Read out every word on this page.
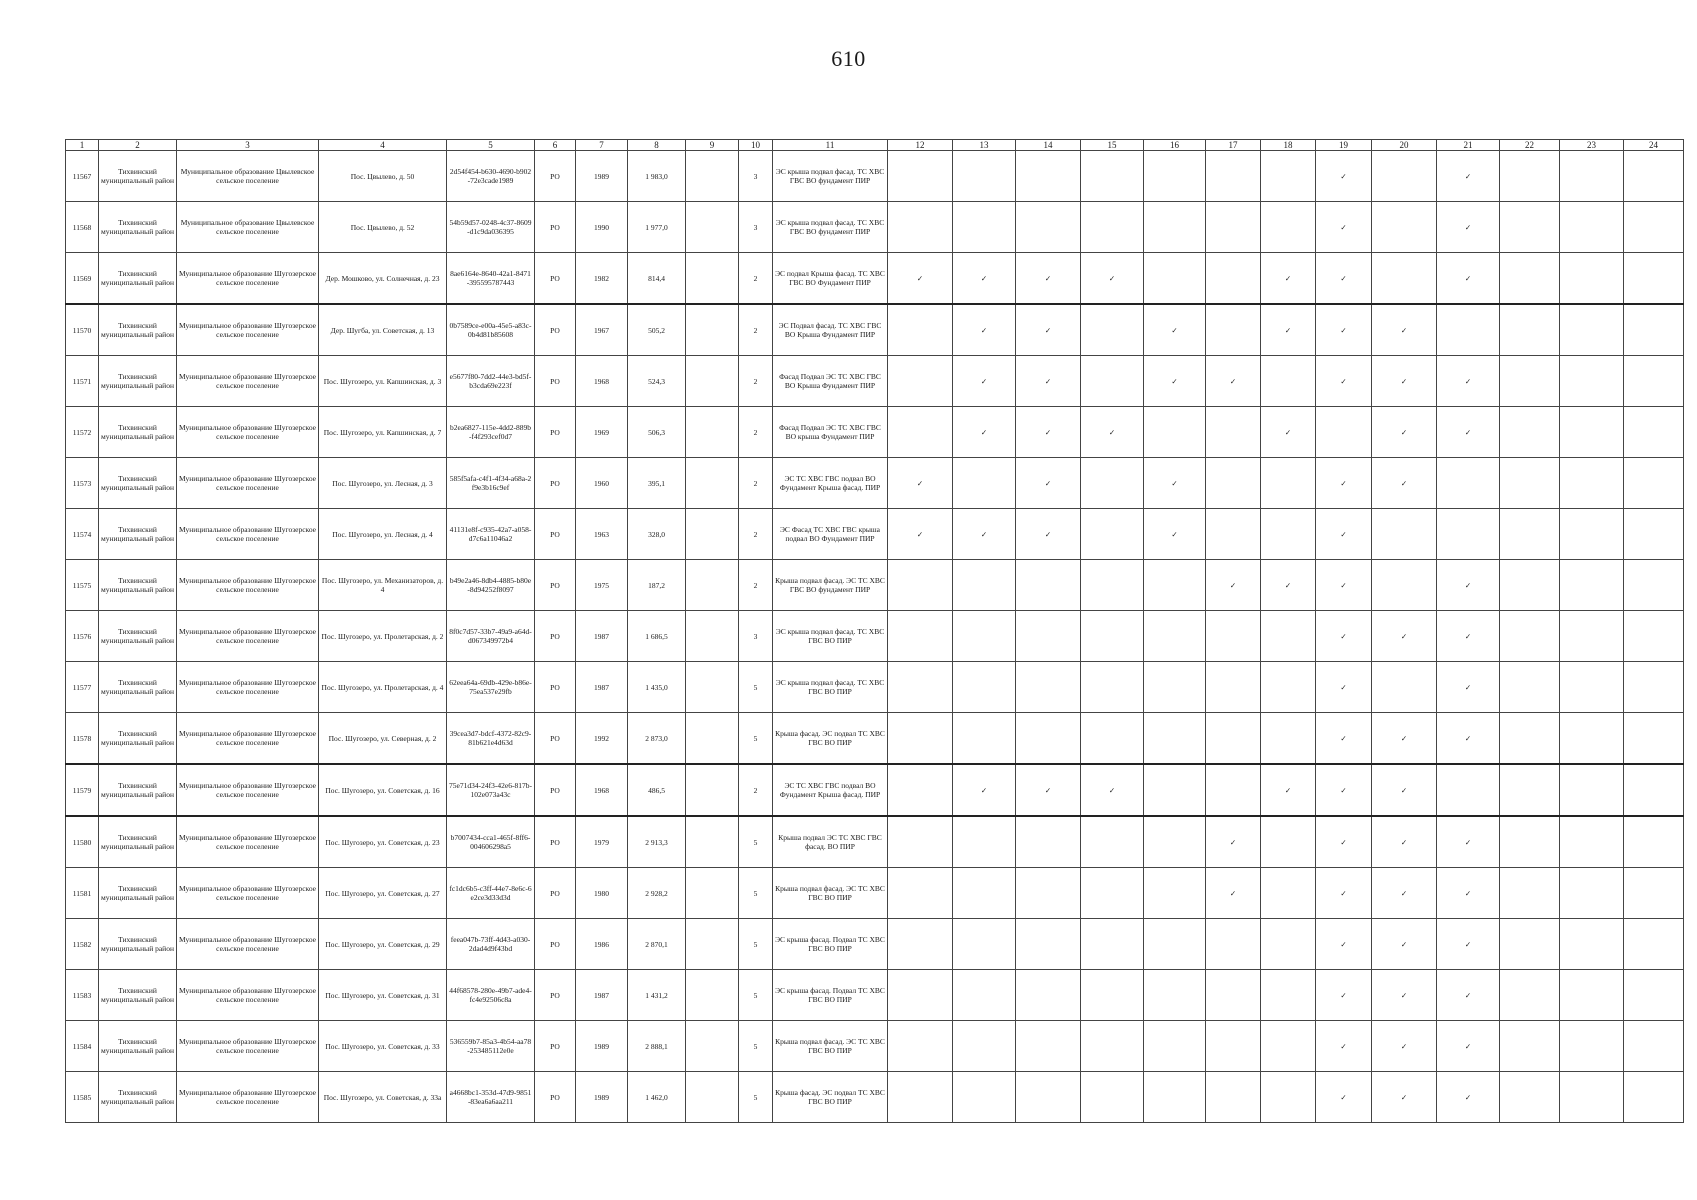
610
1	2	3	4	5	6	7	8	9	10	11	12	13	14	15	16	17	18	19	20	21	22	23	24
11567	Тихвинский муниципальный район	Муниципальное образование Цвылевское сельское поселение	Пос. Цвылево, д. 50	2d54f454-b630-4690-b902-72e3cade1989	РО	1989	1 983,0		3	ЭС крыша подвал фасад. ТС ХВС ГВС ВО фундамент ПИР								✓		✓			
11568	Тихвинский муниципальный район	Муниципальное образование Цвылевское сельское поселение	Пос. Цвылево, д. 52	54b59d57-0248-4c37-8609-d1c9da036395	РО	1990	1 977,0		3	ЭС крыша подвал фасад. ТС ХВС ГВС ВО фундамент ПИР								✓		✓			
11569	Тихвинский муниципальный район	Муниципальное образование Шугозерское сельское поселение	Дер. Мошково, ул. Солнечная, д. 23	8ae6164e-8640-42a1-8471-395595787443	РО	1982	814,4		2	ЭС подвал Крыша фасад. ТС ХВС ГВС ВО Фундамент ПИР	✓	✓	✓	✓			✓	✓		✓			
11570	Тихвинский муниципальный район	Муниципальное образование Шугозерское сельское поселение	Дер. Шугба, ул. Советская, д. 13	0b7589ce-e00a-45e5-a83c-0b4d81b85608	РО	1967	505,2		2	ЭС Подвал фасад. ТС ХВС ГВС ВО Крыша Фундамент ПИР		✓	✓		✓		✓	✓	✓				
11571	Тихвинский муниципальный район	Муниципальное образование Шугозерское сельское поселение	Пос. Шугозеро, ул. Капшинская, д. 3	e5677f80-7dd2-44e3-bd5f-b3cda69e223f	РО	1968	524,3		2	Фасад Подвал ЭС ТС ХВС ГВС ВО Крыша Фундамент ПИР		✓	✓		✓	✓		✓	✓	✓			
11572	Тихвинский муниципальный район	Муниципальное образование Шугозерское сельское поселение	Пос. Шугозеро, ул. Капшинская, д. 7	b2ea6827-115e-4dd2-889b-f4f293cef0d7	РО	1969	506,3		2	Фасад Подвал ЭС ТС ХВС ГВС ВО крыша Фундамент ПИР		✓	✓	✓			✓		✓	✓			
11573	Тихвинский муниципальный район	Муниципальное образование Шугозерское сельское поселение	Пос. Шугозеро, ул. Лесная, д. 3	585f5afa-c4f1-4f34-a68a-2f9e3b16c9ef	РО	1960	395,1		2	ЭС ТС ХВС ГВС подвал ВО Фундамент Крыша фасад. ПИР	✓		✓		✓			✓	✓				
11574	Тихвинский муниципальный район	Муниципальное образование Шугозерское сельское поселение	Пос. Шугозеро, ул. Лесная, д. 4	41131e8f-c935-42a7-a058-d7c6a11046a2	РО	1963	328,0		2	ЭС Фасад ТС ХВС ГВС крыша подвал ВО Фундамент ПИР	✓	✓	✓		✓			✓					
11575	Тихвинский муниципальный район	Муниципальное образование Шугозерское сельское поселение	Пос. Шугозеро, ул. Механизаторов, д. 4	b49e2a46-8db4-4885-b80e-8d94252f8097	РО	1975	187,2		2	Крыша подвал фасад. ЭС ТС ХВС ГВС ВО фундамент ПИР						✓	✓	✓		✓			
11576	Тихвинский муниципальный район	Муниципальное образование Шугозерское сельское поселение	Пос. Шугозеро, ул. Пролетарская, д. 2	8f0c7d57-33b7-49a9-a64d-d067349972b4	РО	1987	1 686,5		3	ЭС крыша подвал фасад. ТС ХВС ГВС ВО ПИР								✓	✓	✓			
11577	Тихвинский муниципальный район	Муниципальное образование Шугозерское сельское поселение	Пос. Шугозеро, ул. Пролетарская, д. 4	62eea64a-69db-429e-b86e-75ea537e29fb	РО	1987	1 435,0		5	ЭС крыша подвал фасад. ТС ХВС ГВС ВО ПИР								✓		✓			
11578	Тихвинский муниципальный район	Муниципальное образование Шугозерское сельское поселение	Пос. Шугозеро, ул. Северная, д. 2	39cea3d7-bdcf-4372-82c9-81b621e4d63d	РО	1992	2 873,0		5	Крыша фасад. ЭС подвал ТС ХВС ГВС ВО ПИР								✓	✓	✓			
11579	Тихвинский муниципальный район	Муниципальное образование Шугозерское сельское поселение	Пос. Шугозеро, ул. Советская, д. 16	75e71d34-24f3-42e6-817b-102e073a43c	РО	1968	486,5		2	ЭС ТС ХВС ГВС подвал ВО Фундамент Крыша фасад. ПИР		✓	✓	✓			✓	✓	✓				
11580	Тихвинский муниципальный район	Муниципальное образование Шугозерское сельское поселение	Пос. Шугозеро, ул. Советская, д. 23	b7007434-cca1-465f-8ff6-004606298a5	РО	1979	2 913,3		5	Крыша подвал ЭС ТС ХВС ГВС фасад. ВО ПИР						✓		✓	✓	✓			
11581	Тихвинский муниципальный район	Муниципальное образование Шугозерское сельское поселение	Пос. Шугозеро, ул. Советская, д. 27	fc1dc6b5-c3ff-44e7-8e6c-6e2ce3d33d3d	РО	1980	2 928,2		5	Крыша подвал фасад. ЭС ТС ХВС ГВС ВО ПИР						✓		✓	✓	✓			
11582	Тихвинский муниципальный район	Муниципальное образование Шугозерское сельское поселение	Пос. Шугозеро, ул. Советская, д. 29	feea047b-73ff-4d43-a030-2dad4d9f43bd	РО	1986	2 870,1		5	ЭС крыша фасад. Подвал ТС ХВС ГВС ВО ПИР								✓	✓	✓			
11583	Тихвинский муниципальный район	Муниципальное образование Шугозерское сельское поселение	Пос. Шугозеро, ул. Советская, д. 31	44f68578-280e-49b7-ade4-fc4e92506c8a	РО	1987	1 431,2		5	ЭС крыша фасад. Подвал ТС ХВС ГВС ВО ПИР								✓	✓	✓			
11584	Тихвинский муниципальный район	Муниципальное образование Шугозерское сельское поселение	Пос. Шугозеро, ул. Советская, д. 33	536559b7-85a3-4b54-aa78-253485112e0e	РО	1989	2 888,1		5	Крыша подвал фасад. ЭС ТС ХВС ГВС ВО ПИР								✓	✓	✓			
11585	Тихвинский муниципальный район	Муниципальное образование Шугозерское сельское поселение	Пос. Шугозеро, ул. Советская, д. 33а	a4668bc1-353d-47d9-9851-83ea6a6aa211	РО	1989	1 462,0		5	Крыша фасад. ЭС подвал ТС ХВС ГВС ВО ПИР								✓	✓	✓			
